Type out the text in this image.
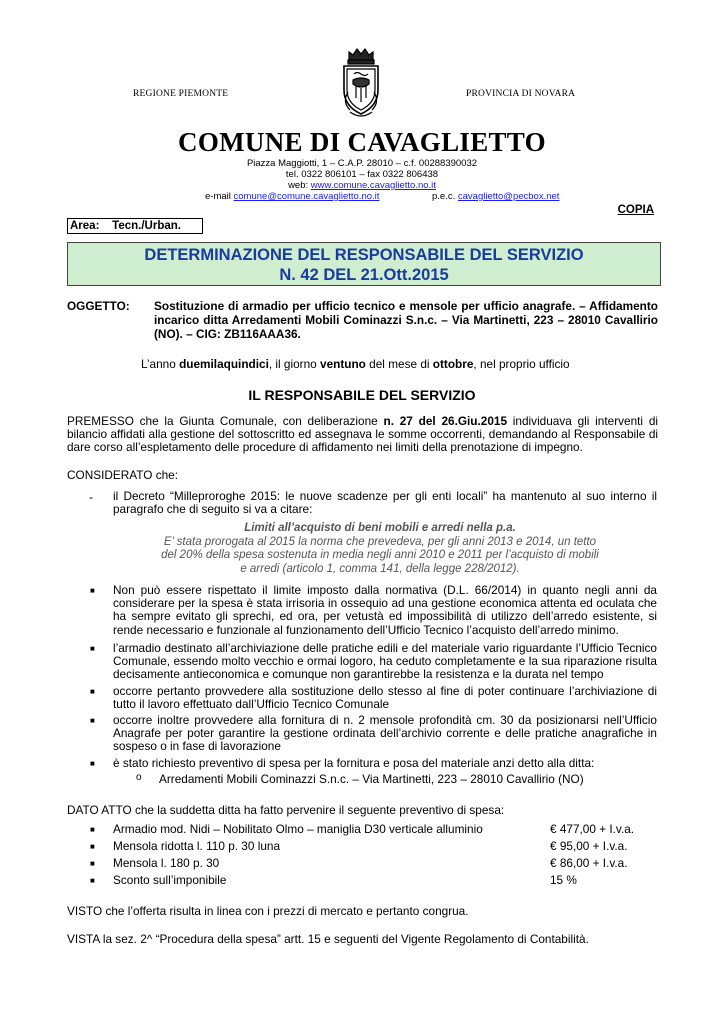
REGIONE PIEMONTE	PROVINCIA DI NOVARA
COMUNE DI CAVAGLIETTO
Piazza Maggiotti, 1 – C.A.P. 28010 – c.f. 00288390032
tel. 0322 806101 – fax 0322 806438
web: www.comune.cavaglietto.no.it
e-mail comune@comune.cavaglietto.no.it	p.e.c. cavaglietto@pecbox.net
COPIA
Area:    Tecn./Urban.
DETERMINAZIONE DEL RESPONSABILE DEL SERVIZIO
N. 42 DEL 21.Ott.2015
OGGETTO: Sostituzione di armadio per ufficio tecnico e mensole per ufficio anagrafe. – Affidamento incarico ditta Arredamenti Mobili Cominazzi S.n.c. – Via Martinetti, 223 – 28010 Cavallirio (NO). – CIG: ZB116AAA36.
L’anno duemilaquindici, il giorno ventuno del mese di ottobre, nel proprio ufficio
IL RESPONSABILE DEL SERVIZIO
PREMESSO che la Giunta Comunale, con deliberazione n. 27 del 26.Giu.2015 individuava gli interventi di bilancio affidati alla gestione del sottoscritto ed assegnava le somme occorrenti, demandando al Responsabile di dare corso all’espletamento delle procedure di affidamento nei limiti della prenotazione di impegno.
CONSIDERATO che:
- il Decreto “Milleproroghe 2015: le nuove scadenze per gli enti locali” ha mantenuto al suo interno il paragrafo che di seguito si va a citare:
Limiti all’acquisto di beni mobili e arredi nella p.a.
E’ stata prorogata al 2015 la norma che prevedeva, per gli anni 2013 e 2014, un tetto
del 20% della spesa sostenuta in media negli anni 2010 e 2011 per l’acquisto di mobili
e arredi (articolo 1, comma 141, della legge 228/2012).
■ Non può essere rispettato il limite imposto dalla normativa (D.L. 66/2014) in quanto negli anni da considerare per la spesa è stata irrisoria in ossequio ad una gestione economica attenta ed oculata che ha sempre evitato gli sprechi, ed ora, per vetustà ed impossibilità di utilizzo dell’arredo esistente, si rende necessario e funzionale al funzionamento dell’Ufficio Tecnico l’acquisto dell’arredo minimo.
■ l’armadio destinato all’archiviazione delle pratiche edili e del materiale vario riguardante l’Ufficio Tecnico Comunale, essendo molto vecchio e ormai logoro, ha ceduto completamente e la sua riparazione risulta decisamente antieconomica e comunque non garantirebbe la resistenza e la durata nel tempo
■ occorre pertanto provvedere alla sostituzione dello stesso al fine di poter continuare l’archiviazione di tutto il lavoro effettuato dall’Ufficio Tecnico Comunale
■ occorre inoltre provvedere alla fornitura di n. 2 mensole profondità cm. 30 da posizionarsi nell’Ufficio Anagrafe per poter garantire la gestione ordinata dell’archivio corrente e delle pratiche anagrafiche in sospeso o in fase di lavorazione
■ è stato richiesto preventivo di spesa per la fornitura e posa del materiale anzi detto alla ditta:
o Arredamenti Mobili Cominazzi S.n.c. – Via Martinetti, 223 – 28010 Cavallirio (NO)
DATO ATTO che la suddetta ditta ha fatto pervenire il seguente preventivo di spesa:
■ Armadio mod. Nidi – Nobilitato Olmo – maniglia D30 verticale alluminio	€ 477,00 + I.v.a.
■ Mensola ridotta l. 110 p. 30 luna	€ 95,00 + I.v.a.
■ Mensola l. 180 p. 30	€ 86,00 + I.v.a.
■ Sconto sull’imponibile	15 %
VISTO che l’offerta risulta in linea con i prezzi di mercato e pertanto congrua.
VISTA la sez. 2^ “Procedura della spesa” artt. 15 e seguenti del Vigente Regolamento di Contabilità.
